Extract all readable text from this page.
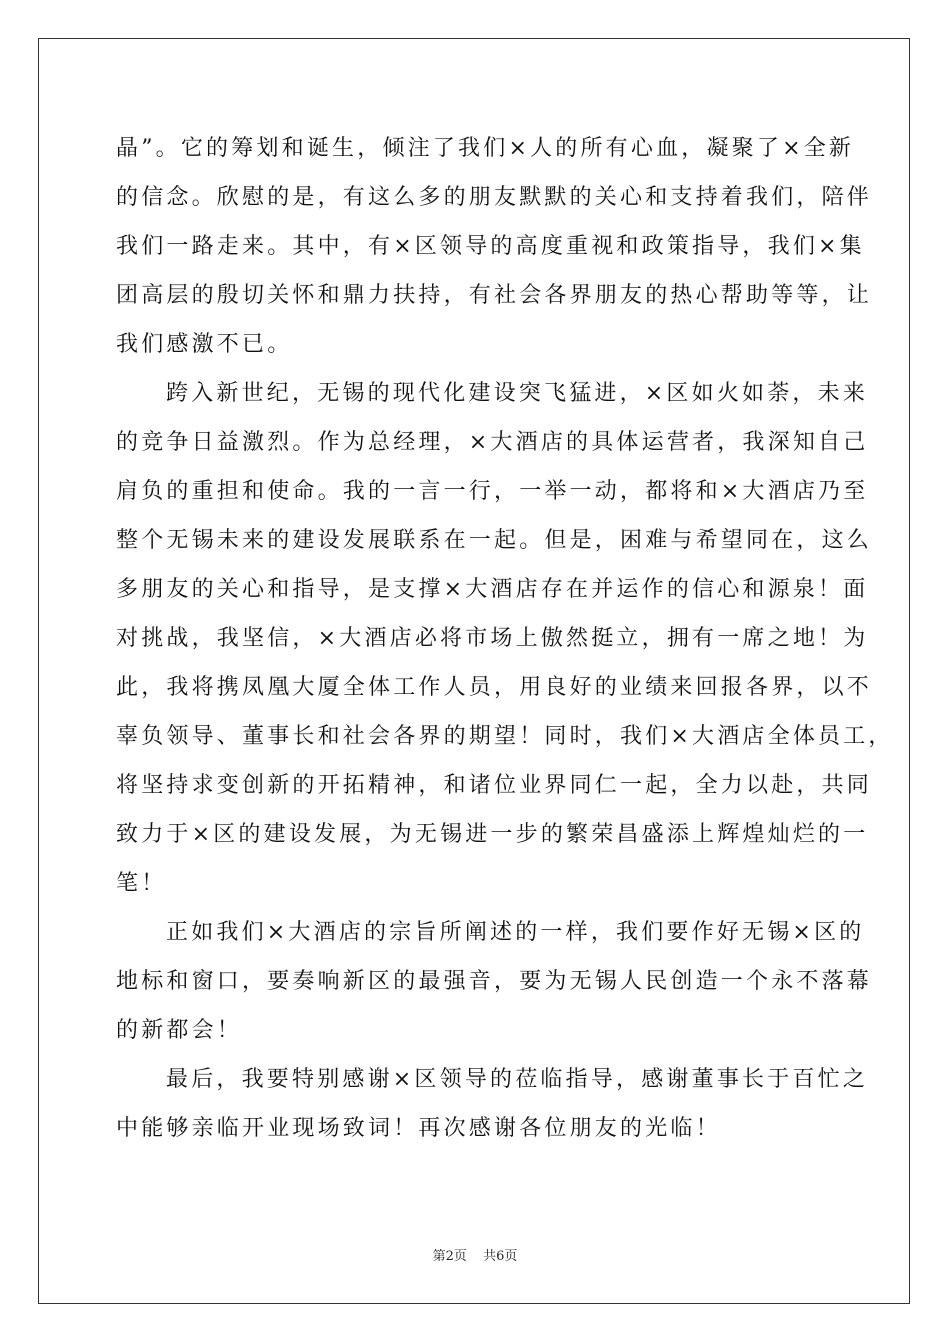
晶”。它的筹划和诞生，倾注了我们×人的所有心血，凝聚了×全新
的信念。欣慰的是，有这么多的朋友默默的关心和支持着我们，陪伴
我们一路走来。其中，有×区领导的高度重视和政策指导，我们×集
团高层的殷切关怀和鼎力扶持，有社会各界朋友的热心帮助等等，让
我们感激不已。
跨入新世纪，无锡的现代化建设突飞猛进，×区如火如荼，未来
的竞争日益激烈。作为总经理，×大酒店的具体运营者，我深知自己
肩负的重担和使命。我的一言一行，一举一动，都将和×大酒店乃至
整个无锡未来的建设发展联系在一起。但是，困难与希望同在，这么
多朋友的关心和指导，是支撑×大酒店存在并运作的信心和源泉！面
对挑战，我坚信，×大酒店必将市场上傲然挺立，拥有一席之地！为
此，我将携凤凰大厦全体工作人员，用良好的业绩来回报各界，以不
辜负领导、董事长和社会各界的期望！同时，我们×大酒店全体员工，
将坚持求变创新的开拓精神，和诸位业界同仁一起，全力以赴，共同
致力于×区的建设发展，为无锡进一步的繁荣昌盛添上辉煌灿烂的一
笔！
正如我们×大酒店的宗旨所阐述的一样，我们要作好无锡×区的
地标和窗口，要奏响新区的最强音，要为无锡人民创造一个永不落幕
的新都会！
最后，我要特别感谢×区领导的莅临指导，感谢董事长于百忙之
中能够亲临开业现场致词！再次感谢各位朋友的光临！
第2页 共6页
